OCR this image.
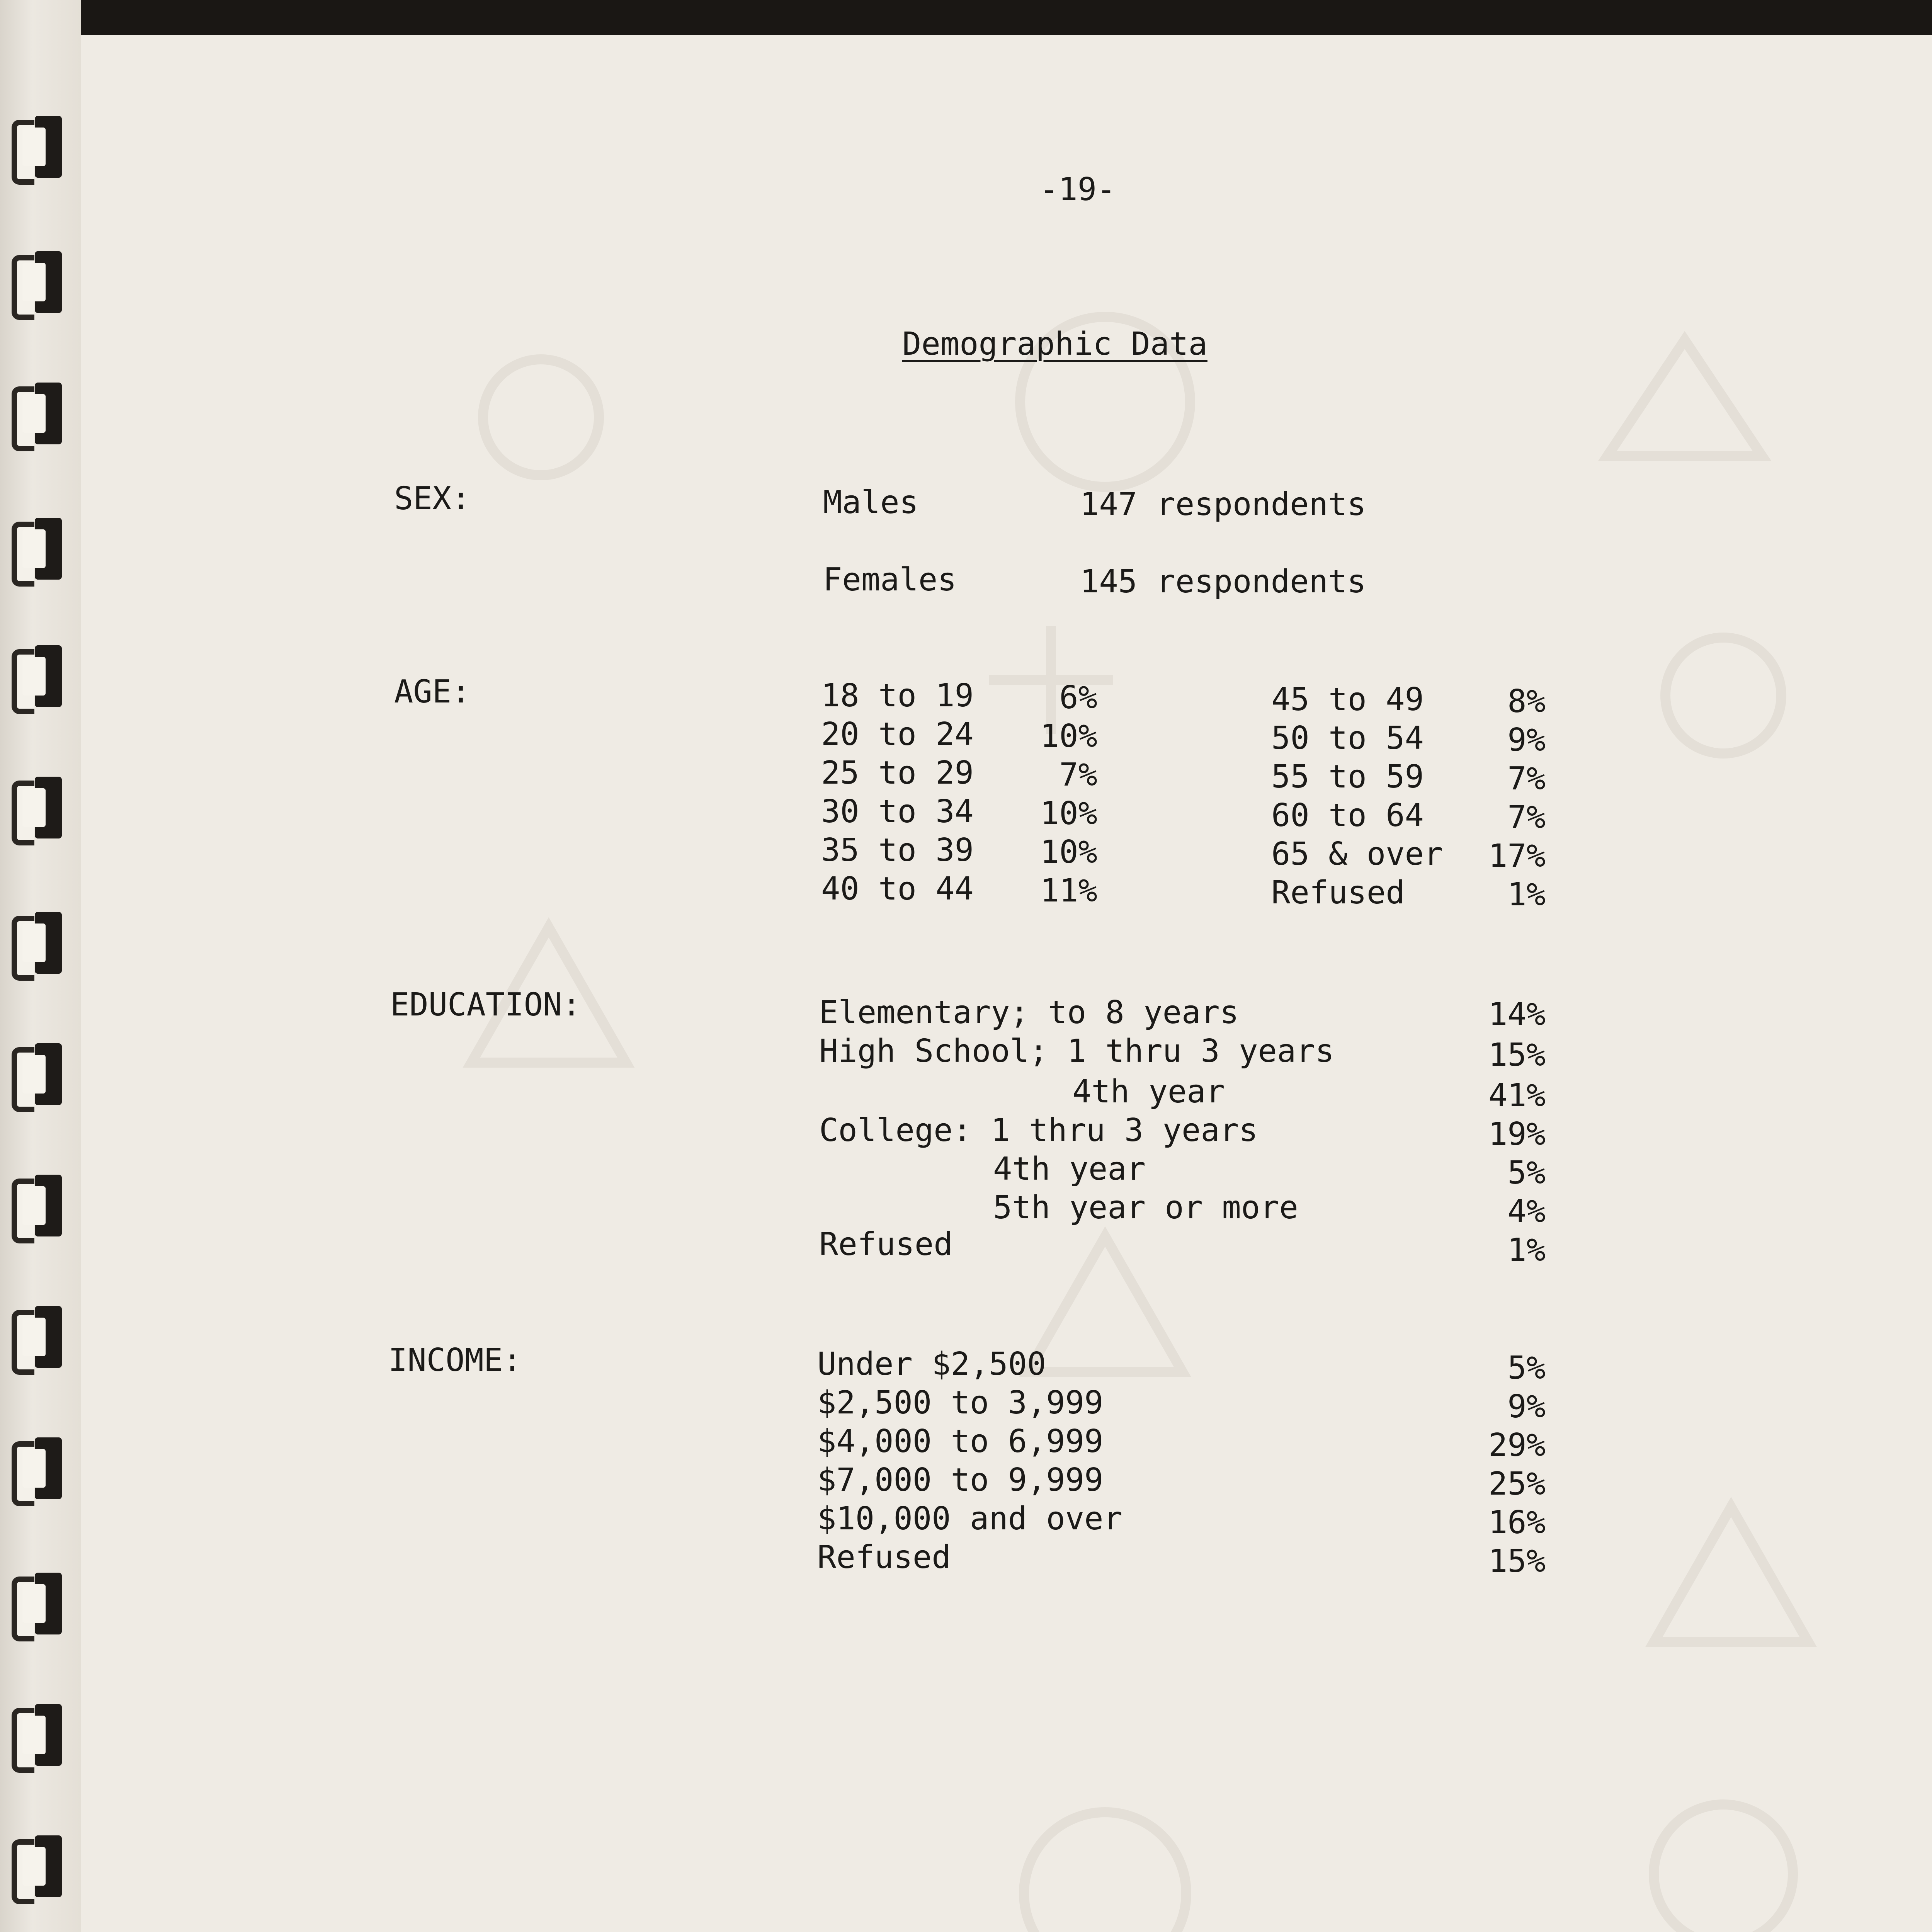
-19-
Demographic Data
SEX:	Males	147 respondents
Females	145 respondents
AGE:	18 to 19	6%
20 to 24	10%
25 to 29	7%
30 to 34	10%
35 to 39	10%
40 to 44	11%
45 to 49	8%
50 to 54	9%
55 to 59	7%
60 to 64	7%
65 & over	17%
Refused	1%
EDUCATION:	Elementary; to 8 years	14%
High School; 1 thru 3 years	15%
4th year	41%
College: 1 thru 3 years	19%
4th year	5%
5th year or more	4%
Refused	1%
INCOME:	Under $2,500	5%
$2,500 to 3,999	9%
$4,000 to 6,999	29%
$7,000 to 9,999	25%
$10,000 and over	16%
Refused	15%
